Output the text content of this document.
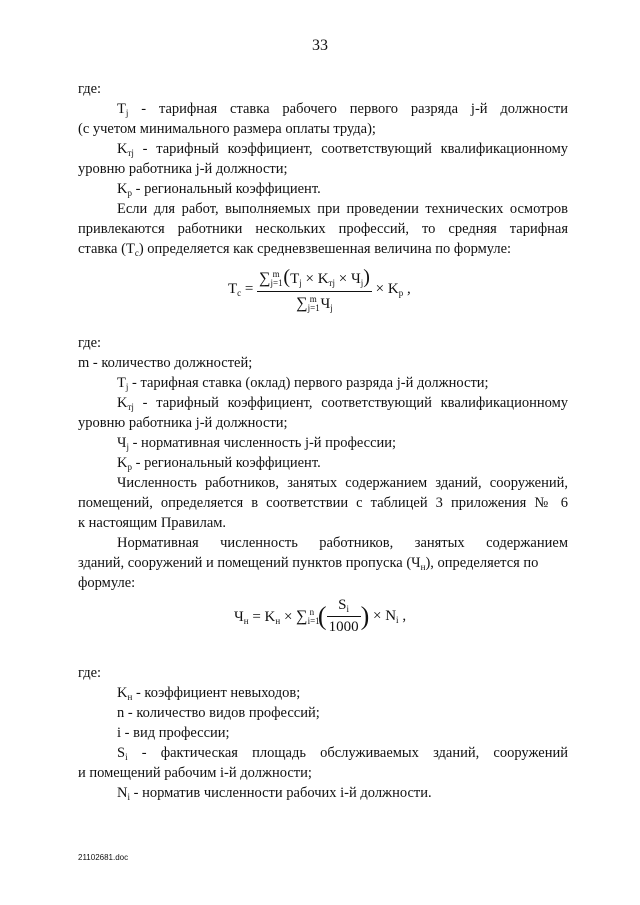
33
где:
$T_j$ - тарифная ставка рабочего первого разряда j-й должности
(с учетом минимального размера оплаты труда);
$K_{тj}$ - тарифный коэффициент, соответствующий квалификационному
уровню работника j-й должности;
$K_р$ - региональный коэффициент.
Если для работ, выполняемых при проведении технических осмотров
привлекаются работники нескольких профессий, то средняя тарифная
ставка $(Т_c)$ определяется как средневзвешенная величина по формуле:
$T_c = \frac{\sum_{j=1}^m (T_j \times K_{тj} \times Ч_j)}{\sum_{j=1}^m Ч_j} \times K_р$ ,
где:
m - количество должностей;
$T_j$ - тарифная ставка (оклад) первого разряда j-й должности;
$K_{тj}$ - тарифный коэффициент, соответствующий квалификационному
уровню работника j-й должности;
$Ч_j$ - нормативная численность j-й профессии;
$K_р$ - региональный коэффициент.
Численность работников, занятых содержанием зданий, сооружений,
помещений, определяется в соответствии с таблицей 3 приложения № 6
к настоящим Правилам.
Нормативная численность работников, занятых содержанием
зданий, сооружений и помещений пунктов пропуска $(Ч_н)$, определяется по
формуле:
$Ч_н = K_н \times \sum_{i=1}^n$ ( $\frac{S_i}{1000}$ ) × $N_i$ ,
где:
$K_н$ - коэффициент невыходов;
n - количество видов профессий;
i - вид профессии;
$S_i$ - фактическая площадь обслуживаемых зданий, сооружений
и помещений рабочим i-й должности;
$N_i$ - норматив численности рабочих i-й должности.
21102681.doc
